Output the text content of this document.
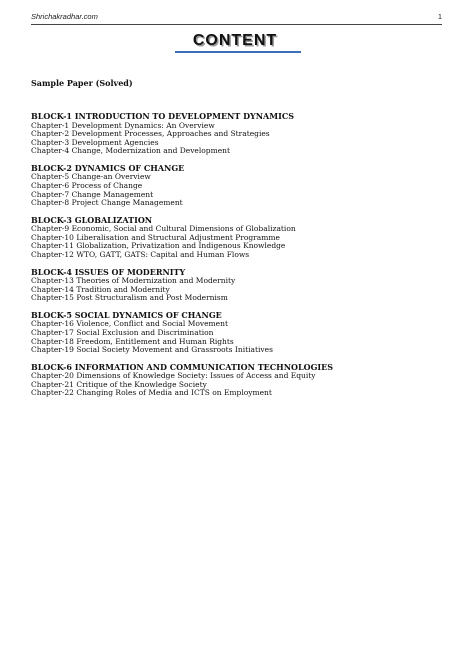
Shrichakradhar.com	1
CONTENT
Sample Paper (Solved)
BLOCK-1 INTRODUCTION TO DEVELOPMENT DYNAMICS
Chapter-1 Development Dynamics: An Overview
Chapter-2 Development Processes, Approaches and Strategies
Chapter-3 Development Agencies
Chapter-4 Change, Modernization and Development
BLOCK-2 DYNAMICS OF CHANGE
Chapter-5 Change-an Overview
Chapter-6 Process of Change
Chapter-7 Change Management
Chapter-8 Project Change Management
BLOCK-3 GLOBALIZATION
Chapter-9 Economic, Social and Cultural Dimensions of Globalization
Chapter-10 Liberalisation and Structural Adjustment Programme
Chapter-11 Globalization, Privatization and Indigenous Knowledge
Chapter-12 WTO, GATT, GATS: Capital and Human Flows
BLOCK-4 ISSUES OF MODERNITY
Chapter-13 Theories of Modernization and Modernity
Chapter-14 Tradition and Modernity
Chapter-15 Post Structuralism and Post Modernism
BLOCK-5 SOCIAL DYNAMICS OF CHANGE
Chapter-16 Violence, Conflict and Social Movement
Chapter-17 Social Exclusion and Discrimination
Chapter-18 Freedom, Entitlement and Human Rights
Chapter-19 Social Society Movement and Grassroots Initiatives
BLOCK-6 INFORMATION AND COMMUNICATION TECHNOLOGIES
Chapter-20 Dimensions of Knowledge Society: Issues of Access and Equity
Chapter-21 Critique of the Knowledge Society
Chapter-22 Changing Roles of Media and ICTS on Employment
